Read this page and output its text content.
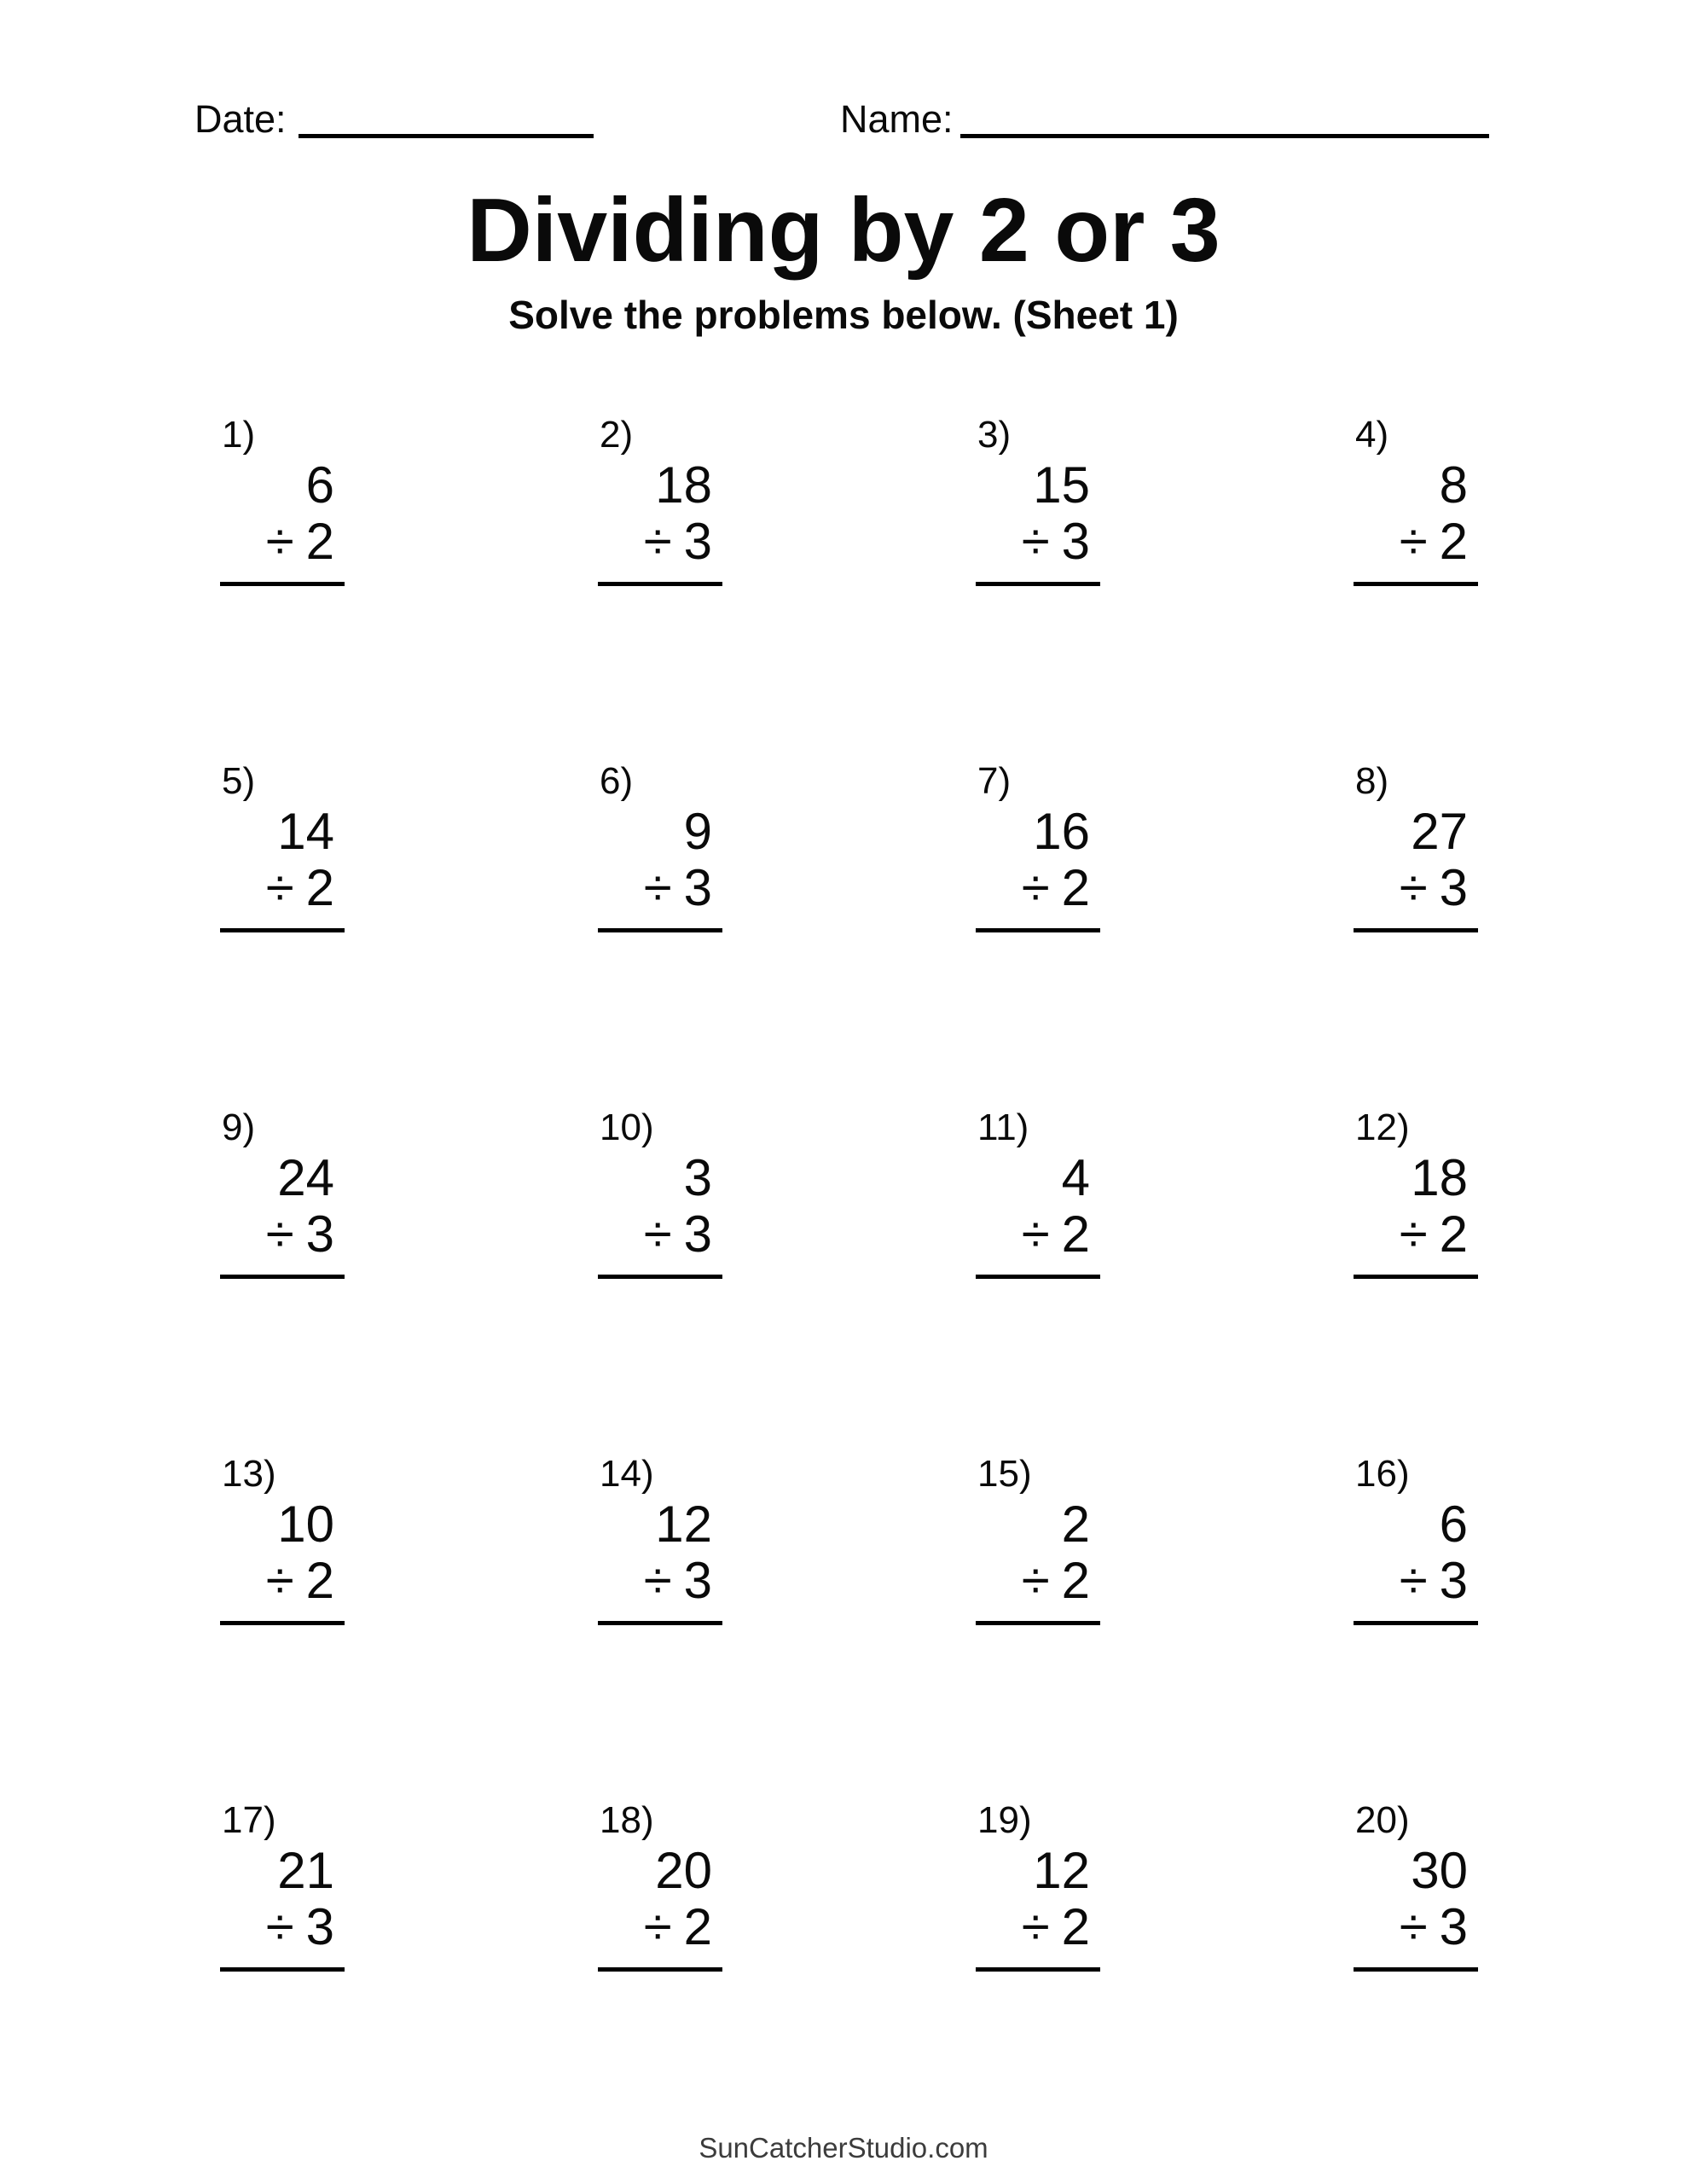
Date:	Name:
Dividing by 2 or 3
Solve the problems below. (Sheet 1)
1)
6
÷ 2
2)
18
÷ 3
3)
15
÷ 3
4)
8
÷ 2
5)
14
÷ 2
6)
9
÷ 3
7)
16
÷ 2
8)
27
÷ 3
9)
24
÷ 3
10)
3
÷ 3
11)
4
÷ 2
12)
18
÷ 2
13)
10
÷ 2
14)
12
÷ 3
15)
2
÷ 2
16)
6
÷ 3
17)
21
÷ 3
18)
20
÷ 2
19)
12
÷ 2
20)
30
÷ 3
SunCatcherStudio.com
